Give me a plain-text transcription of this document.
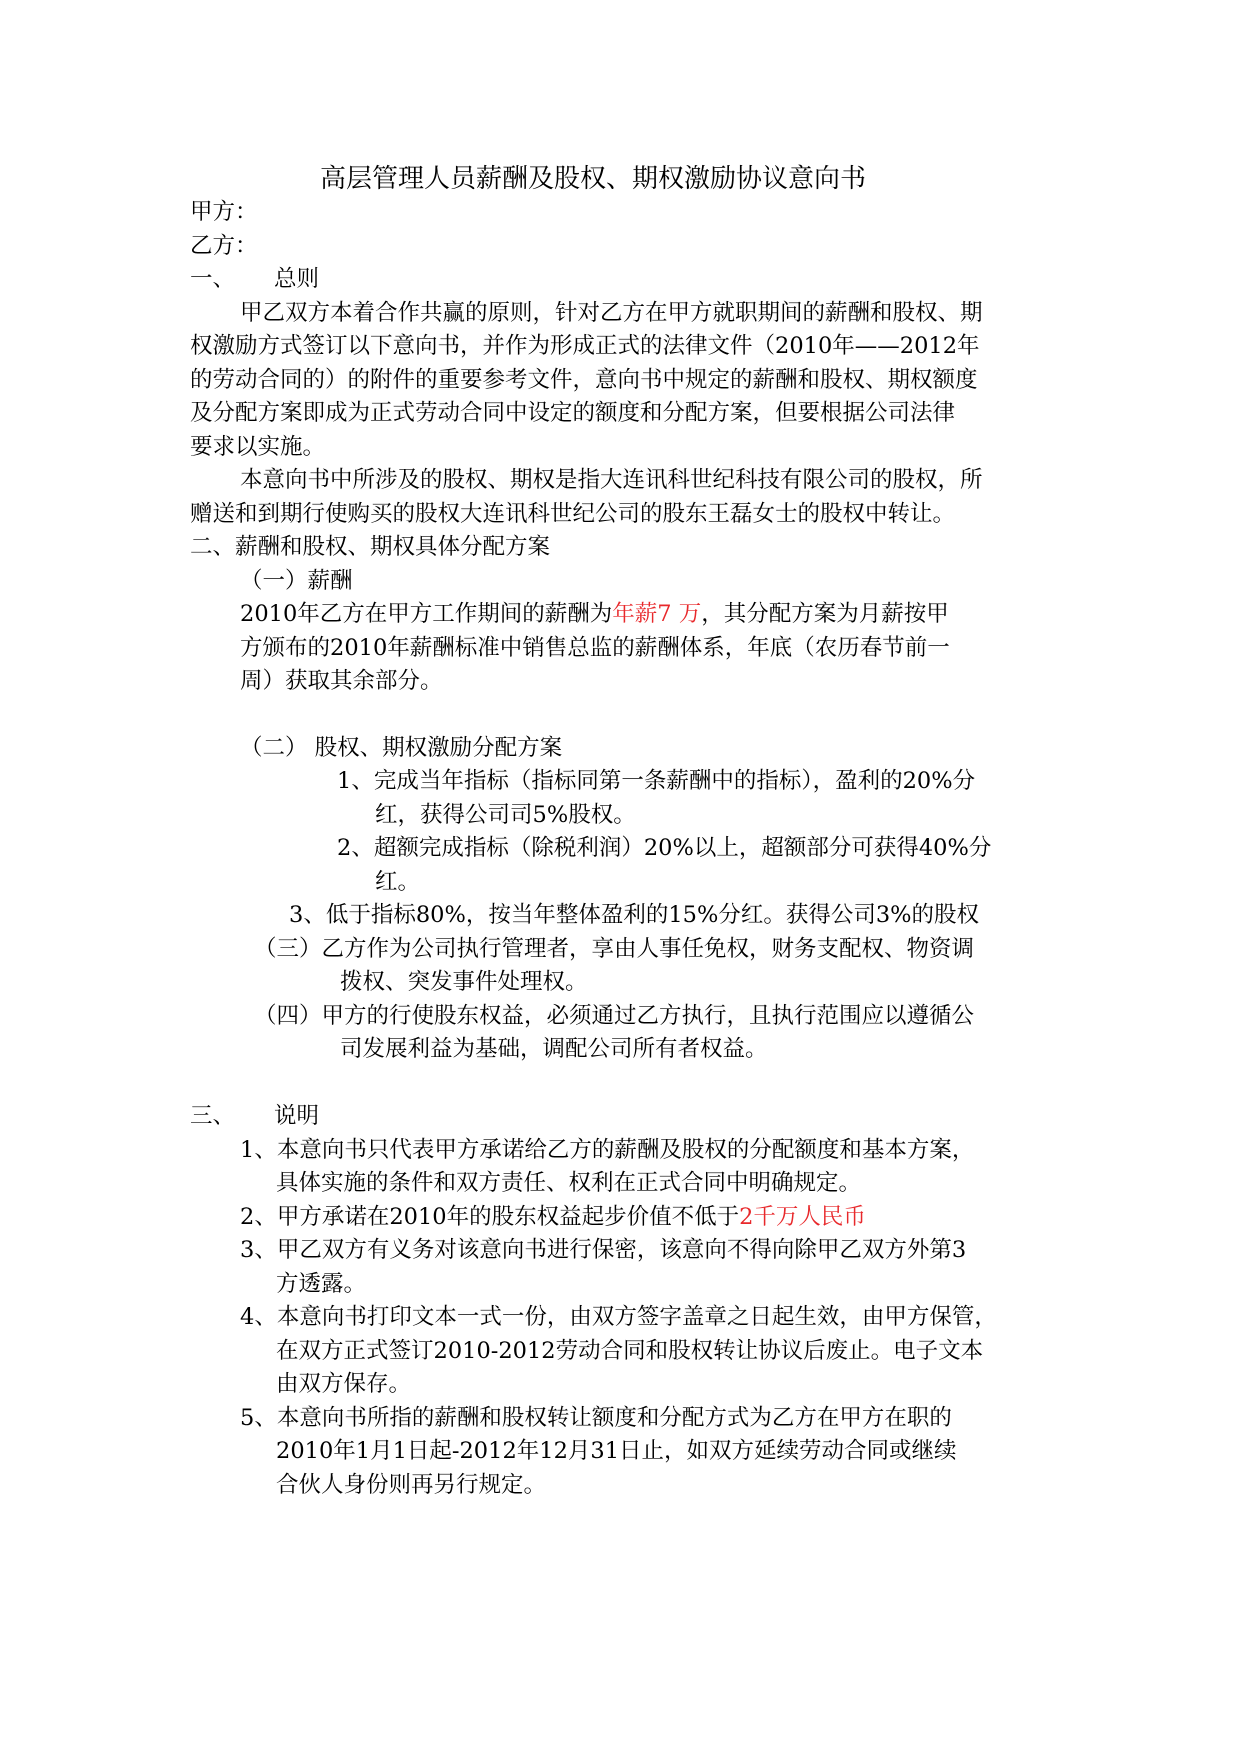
高层管理人员薪酬及股权、期权激励协议意向书
甲方：
乙方：
一、 总则
甲乙双方本着合作共赢的原则，针对乙方在甲方就职期间的薪酬和股权、期
权激励方式签订以下意向书，并作为形成正式的法律文件（2010年——2012年
的劳动合同的）的附件的重要参考文件，意向书中规定的薪酬和股权、期权额度
及分配方案即成为正式劳动合同中设定的额度和分配方案，但要根据公司法律
要求以实施。
本意向书中所涉及的股权、期权是指大连讯科世纪科技有限公司的股权，所
赠送和到期行使购买的股权大连讯科世纪公司的股东王磊女士的股权中转让。
二、薪酬和股权、期权具体分配方案
（一）薪酬
2010年乙方在甲方工作期间的薪酬为年薪7 万，其分配方案为月薪按甲
方颁布的2010年薪酬标准中销售总监的薪酬体系，年底（农历春节前一
周）获取其余部分。
（二） 股权、期权激励分配方案
1、完成当年指标（指标同第一条薪酬中的指标），盈利的20%分
红，获得公司司5%股权。
2、超额完成指标（除税利润）20%以上，超额部分可获得40%分
红。
3、低于指标80%，按当年整体盈利的15%分红。获得公司3%的股权
（三）乙方作为公司执行管理者，享由人事任免权，财务支配权、物资调
拨权、突发事件处理权。
（四）甲方的行使股东权益，必须通过乙方执行，且执行范围应以遵循公
司发展利益为基础，调配公司所有者权益。
三、 说明
1、本意向书只代表甲方承诺给乙方的薪酬及股权的分配额度和基本方案，
具体实施的条件和双方责任、权利在正式合同中明确规定。
2、甲方承诺在2010年的股东权益起步价值不低于2千万人民币
3、甲乙双方有义务对该意向书进行保密，该意向不得向除甲乙双方外第3
方透露。
4、本意向书打印文本一式一份，由双方签字盖章之日起生效，由甲方保管，
在双方正式签订2010-2012劳动合同和股权转让协议后废止。电子文本
由双方保存。
5、本意向书所指的薪酬和股权转让额度和分配方式为乙方在甲方在职的
2010年1月1日起-2012年12月31日止，如双方延续劳动合同或继续
合伙人身份则再另行规定。
